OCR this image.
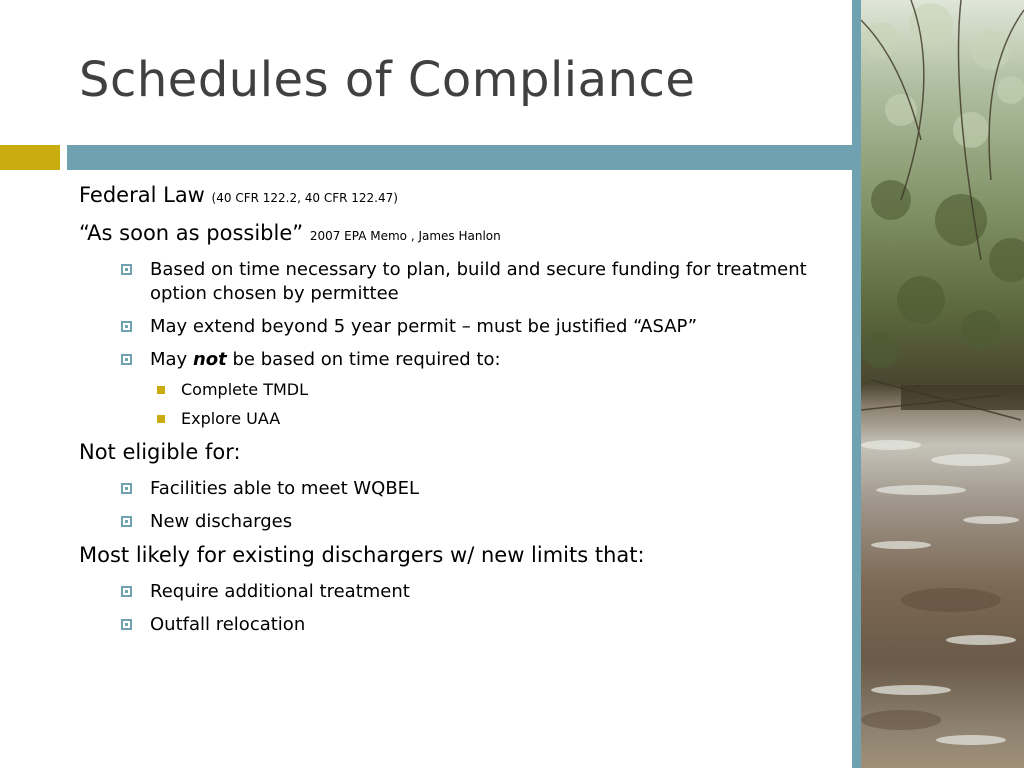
Schedules of Compliance
Federal Law (40 CFR 122.2, 40 CFR 122.47)
“As soon as possible” 2007 EPA Memo , James Hanlon
Based on time necessary to plan, build and secure funding for treatment option chosen by permittee
May extend beyond 5 year permit – must be justified “ASAP”
May not be based on time required to:
Complete TMDL
Explore UAA
Not eligible for:
Facilities able to meet WQBEL
New discharges
Most likely for existing dischargers w/ new limits that:
Require additional treatment
Outfall relocation
